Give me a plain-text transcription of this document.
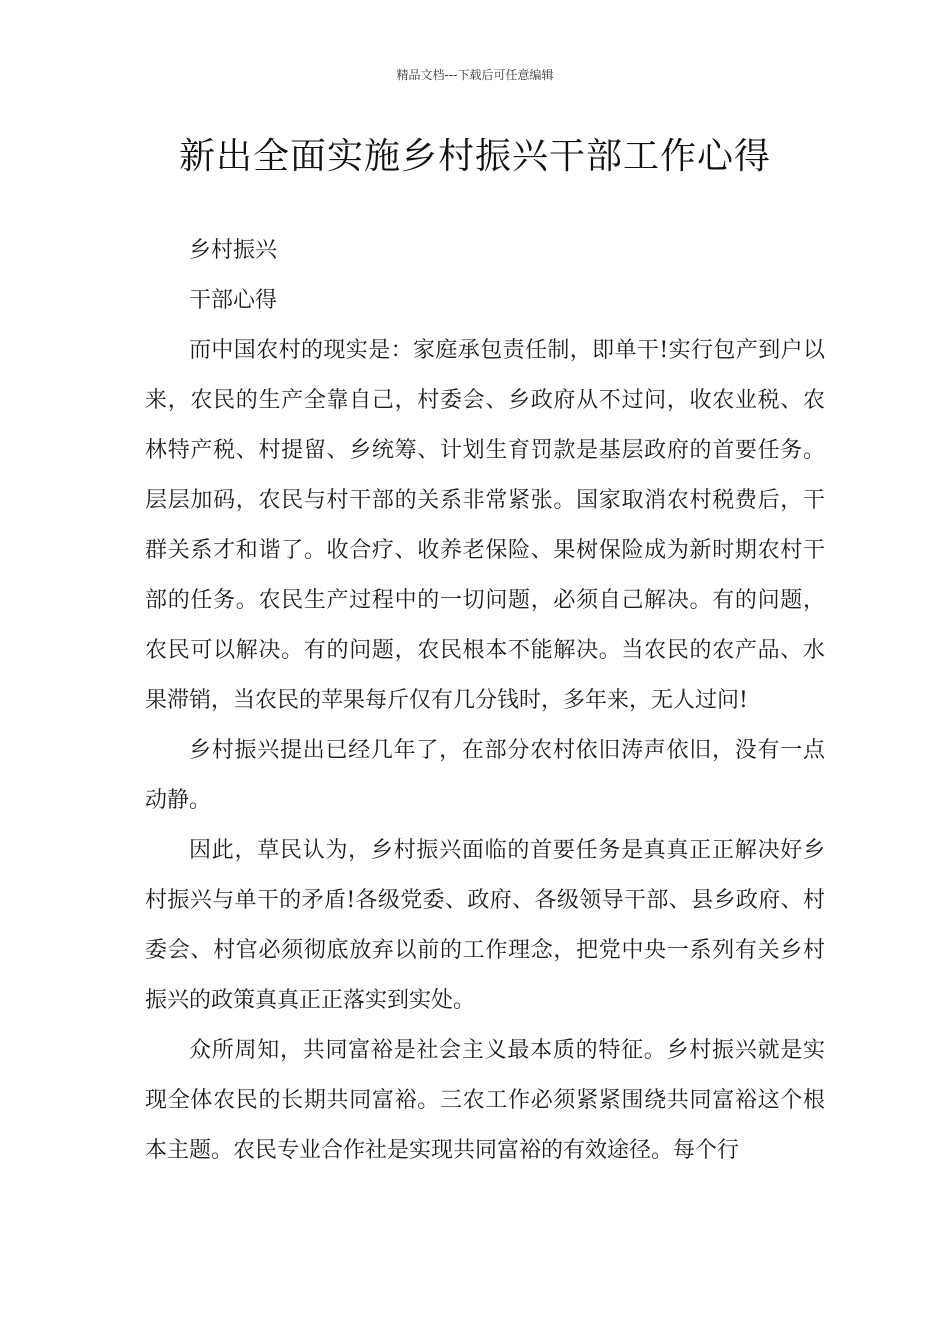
精品文档---下载后可任意编辑
新出全面实施乡村振兴干部工作心得

乡村振兴

干部心得

而中国农村的现实是：家庭承包责任制，即单干!实行包产到户以来，农民的生产全靠自己，村委会、乡政府从不过问，收农业税、农林特产税、村提留、乡统筹、计划生育罚款是基层政府的首要任务。层层加码，农民与村干部的关系非常紧张。国家取消农村税费后，干群关系才和谐了。收合疗、收养老保险、果树保险成为新时期农村干部的任务。农民生产过程中的一切问题，必须自己解决。有的问题，农民可以解决。有的问题，农民根本不能解决。当农民的农产品、水果滞销，当农民的苹果每斤仅有几分钱时，多年来，无人过问!

乡村振兴提出已经几年了，在部分农村依旧涛声依旧，没有一点动静。

因此，草民认为，乡村振兴面临的首要任务是真真正正解决好乡村振兴与单干的矛盾!各级党委、政府、各级领导干部、县乡政府、村委会、村官必须彻底放弃以前的工作理念，把党中央一系列有关乡村振兴的政策真真正正落实到实处。

众所周知，共同富裕是社会主义最本质的特征。乡村振兴就是实现全体农民的长期共同富裕。三农工作必须紧紧围绕共同富裕这个根本主题。农民专业合作社是实现共同富裕的有效途径。每个行
